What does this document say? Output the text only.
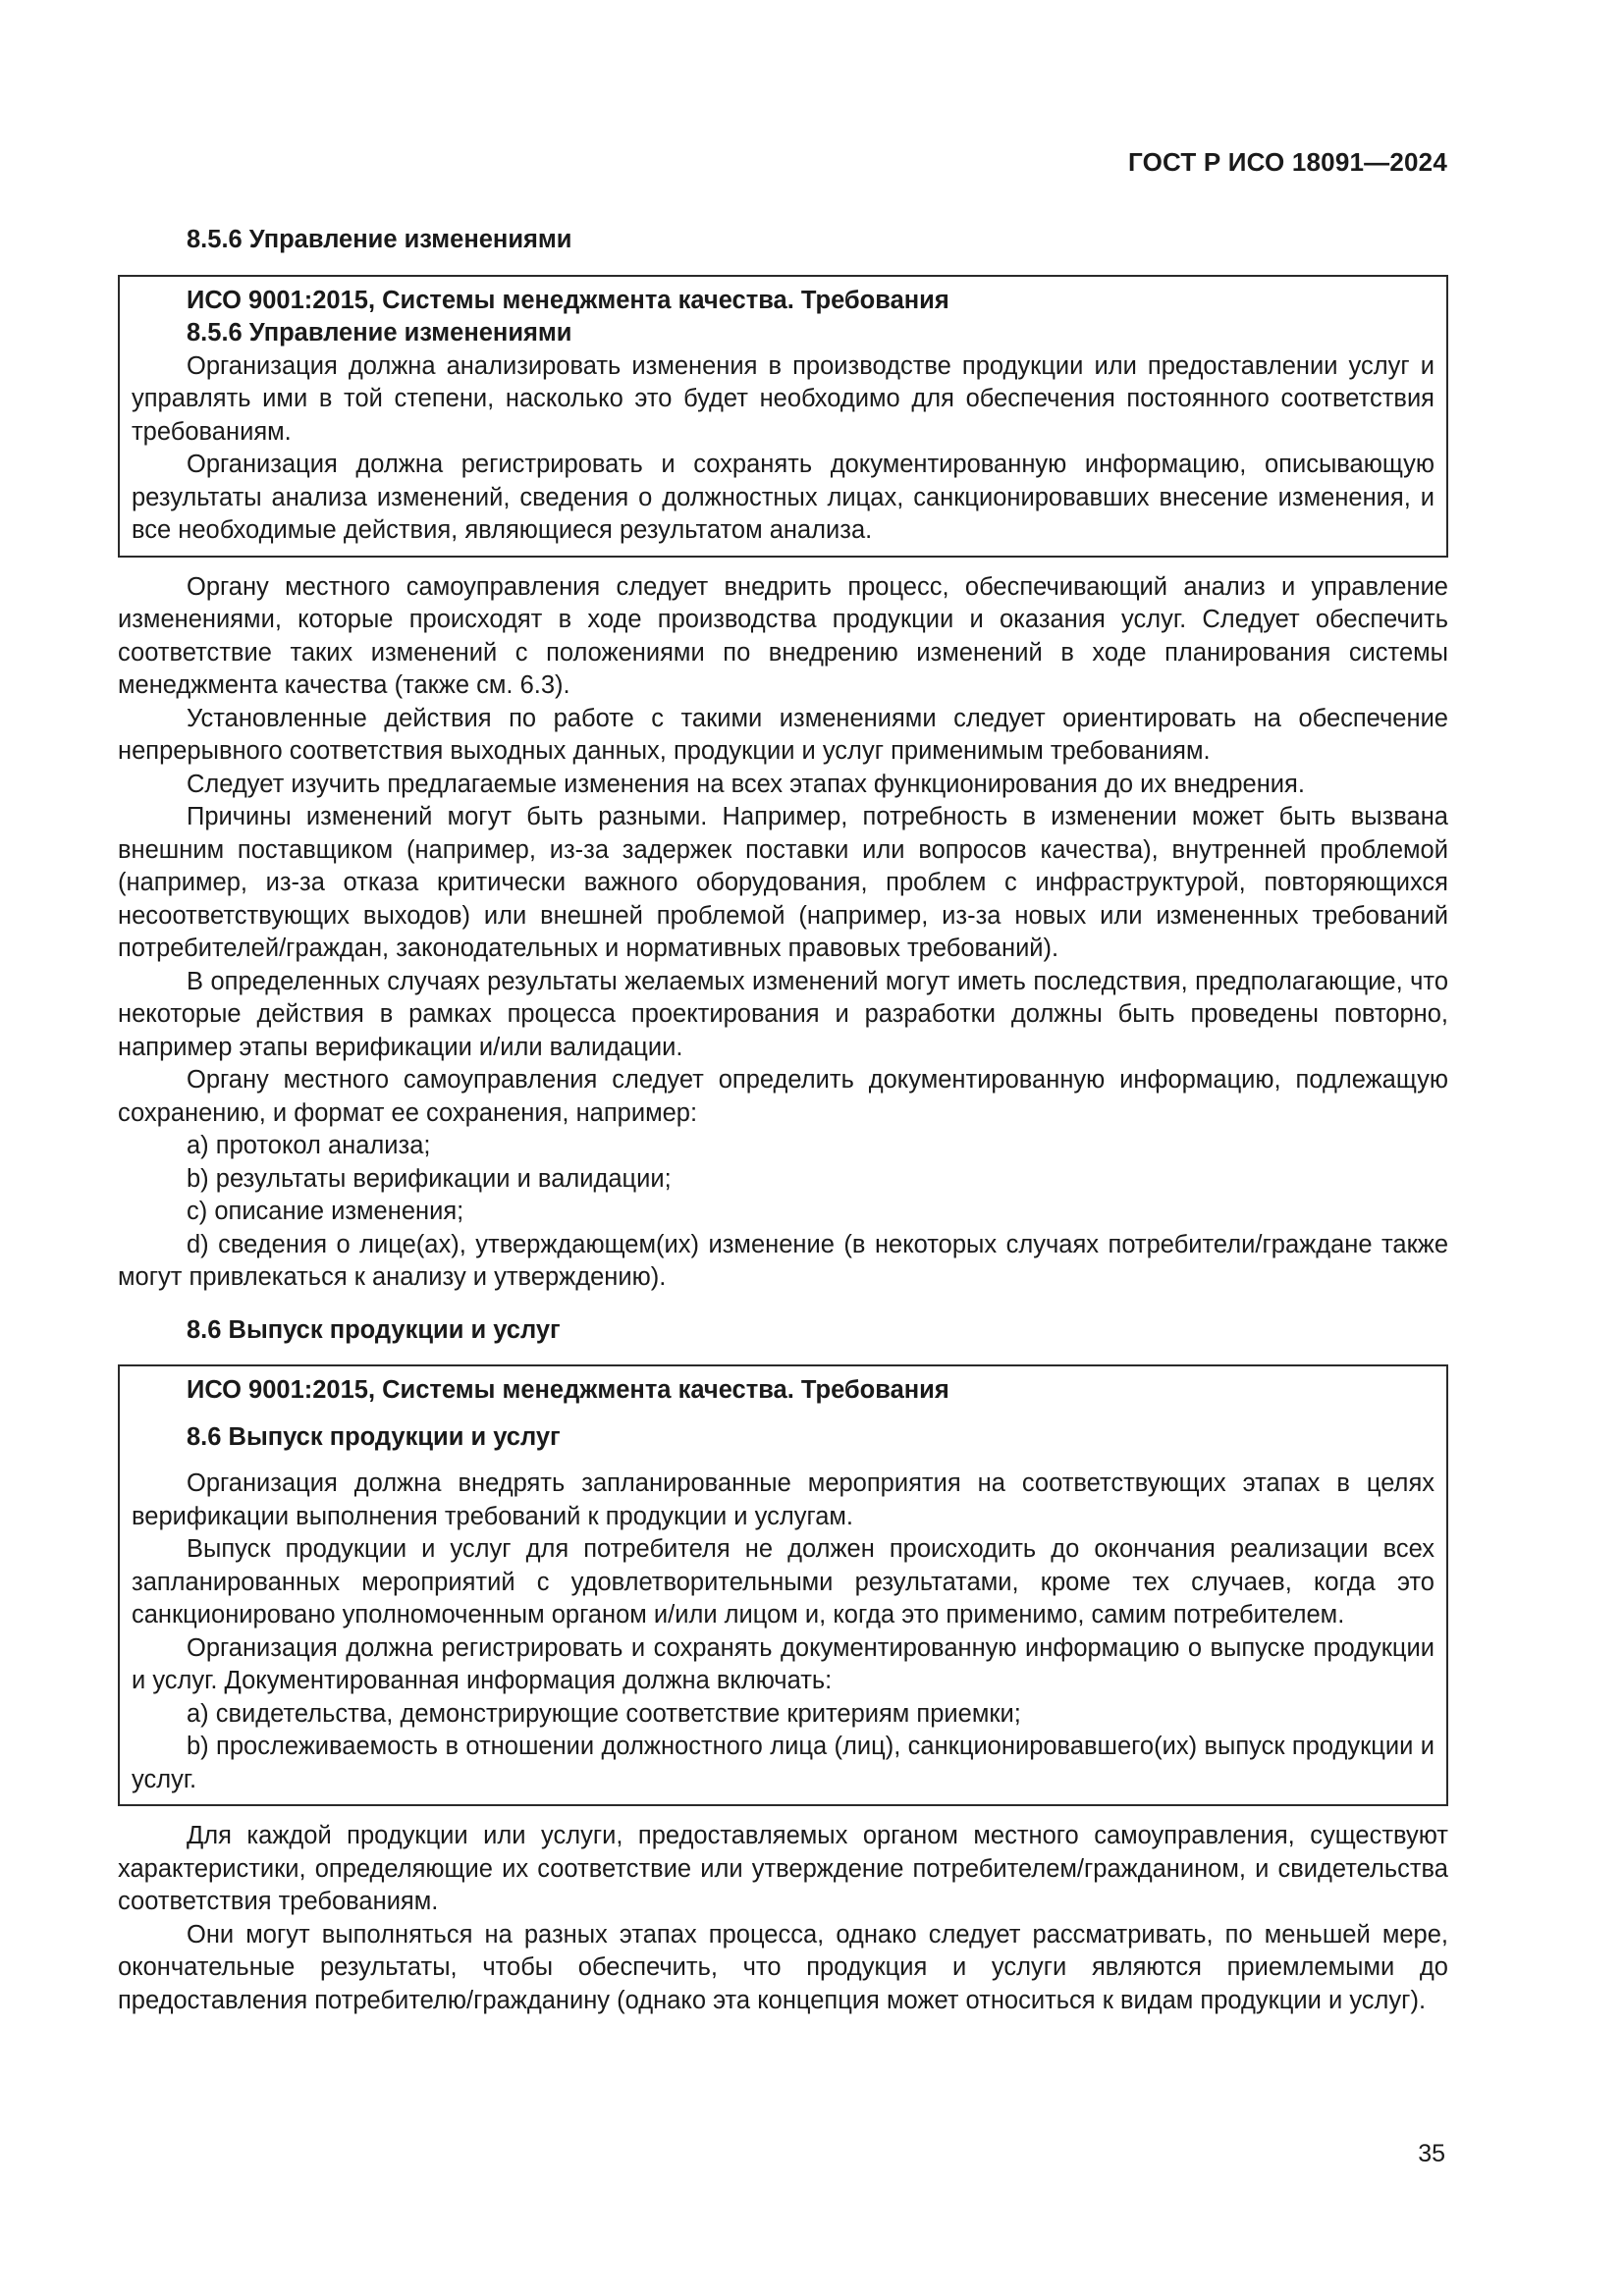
ГОСТ Р ИСО 18091—2024
8.5.6 Управление изменениями
ИСО 9001:2015, Системы менеджмента качества. Требования
8.5.6 Управление изменениями
Организация должна анализировать изменения в производстве продукции или предоставлении услуг и управлять ими в той степени, насколько это будет необходимо для обеспечения постоянного соответствия требованиям.
Организация должна регистрировать и сохранять документированную информацию, описывающую результаты анализа изменений, сведения о должностных лицах, санкционировавших внесение изменения, и все необходимые действия, являющиеся результатом анализа.
Органу местного самоуправления следует внедрить процесс, обеспечивающий анализ и управление изменениями, которые происходят в ходе производства продукции и оказания услуг. Следует обеспечить соответствие таких изменений с положениями по внедрению изменений в ходе планирования системы менеджмента качества (также см. 6.3).
Установленные действия по работе с такими изменениями следует ориентировать на обеспечение непрерывного соответствия выходных данных, продукции и услуг применимым требованиям.
Следует изучить предлагаемые изменения на всех этапах функционирования до их внедрения.
Причины изменений могут быть разными. Например, потребность в изменении может быть вызвана внешним поставщиком (например, из-за задержек поставки или вопросов качества), внутренней проблемой (например, из-за отказа критически важного оборудования, проблем с инфраструктурой, повторяющихся несоответствующих выходов) или внешней проблемой (например, из-за новых или измененных требований потребителей/граждан, законодательных и нормативных правовых требований).
В определенных случаях результаты желаемых изменений могут иметь последствия, предполагающие, что некоторые действия в рамках процесса проектирования и разработки должны быть проведены повторно, например этапы верификации и/или валидации.
Органу местного самоуправления следует определить документированную информацию, подлежащую сохранению, и формат ее сохранения, например:
a) протокол анализа;
b) результаты верификации и валидации;
c) описание изменения;
d) сведения о лице(ах), утверждающем(их) изменение (в некоторых случаях потребители/граждане также могут привлекаться к анализу и утверждению).
8.6 Выпуск продукции и услуг
ИСО 9001:2015, Системы менеджмента качества. Требования
8.6 Выпуск продукции и услуг
Организация должна внедрять запланированные мероприятия на соответствующих этапах в целях верификации выполнения требований к продукции и услугам.
Выпуск продукции и услуг для потребителя не должен происходить до окончания реализации всех запланированных мероприятий с удовлетворительными результатами, кроме тех случаев, когда это санкционировано уполномоченным органом и/или лицом и, когда это применимо, самим потребителем.
Организация должна регистрировать и сохранять документированную информацию о выпуске продукции и услуг. Документированная информация должна включать:
a) свидетельства, демонстрирующие соответствие критериям приемки;
b) прослеживаемость в отношении должностного лица (лиц), санкционировавшего(их) выпуск продукции и услуг.
Для каждой продукции или услуги, предоставляемых органом местного самоуправления, существуют характеристики, определяющие их соответствие или утверждение потребителем/гражданином, и свидетельства соответствия требованиям.
Они могут выполняться на разных этапах процесса, однако следует рассматривать, по меньшей мере, окончательные результаты, чтобы обеспечить, что продукция и услуги являются приемлемыми до предоставления потребителю/гражданину (однако эта концепция может относиться к видам продукции и услуг).
35
